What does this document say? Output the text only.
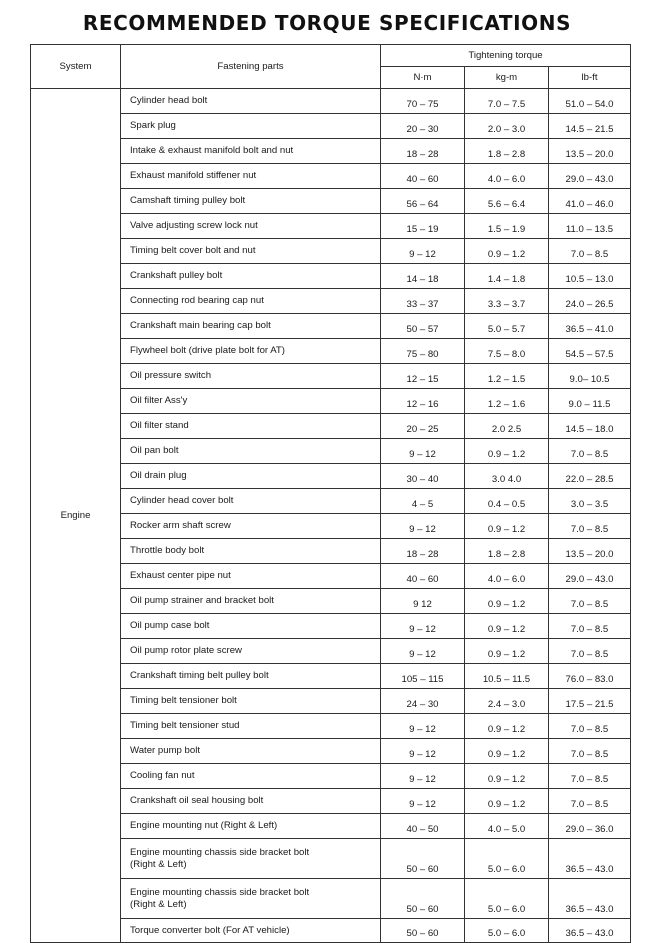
RECOMMENDED TORQUE SPECIFICATIONS
System	Fastening parts	Tightening torque		
		N·m	kg-m	lb-ft
Engine	Cylinder head bolt	70 – 75	7.0 – 7.5	51.0 – 54.0
	Spark plug	20 – 30	2.0 – 3.0	14.5 – 21.5
	Intake & exhaust manifold bolt and nut	18 – 28	1.8 – 2.8	13.5 – 20.0
	Exhaust manifold stiffener nut	40 – 60	4.0 – 6.0	29.0 – 43.0
	Camshaft timing pulley bolt	56 – 64	5.6 – 6.4	41.0 – 46.0
	Valve adjusting screw lock nut	15 – 19	1.5 – 1.9	11.0 – 13.5
	Timing belt cover bolt and nut	9 – 12	0.9 – 1.2	7.0 – 8.5
	Crankshaft pulley bolt	14 – 18	1.4 – 1.8	10.5 – 13.0
	Connecting rod bearing cap nut	33 – 37	3.3 – 3.7	24.0 – 26.5
	Crankshaft main bearing cap bolt	50 – 57	5.0 – 5.7	36.5 – 41.0
	Flywheel bolt (drive plate bolt for AT)	75 – 80	7.5 – 8.0	54.5 – 57.5
	Oil pressure switch	12 – 15	1.2 – 1.5	9.0– 10.5
	Oil filter Ass'y	12 – 16	1.2 – 1.6	9.0 – 11.5
	Oil filter stand	20 – 25	2.0 2.5	14.5 – 18.0
	Oil pan bolt	9 – 12	0.9 – 1.2	7.0 – 8.5
	Oil drain plug	30 – 40	3.0 4.0	22.0 – 28.5
	Cylinder head cover bolt	4 – 5	0.4 – 0.5	3.0 – 3.5
	Rocker arm shaft screw	9 – 12	0.9 – 1.2	7.0 – 8.5
	Throttle body bolt	18 – 28	1.8 – 2.8	13.5 – 20.0
	Exhaust center pipe nut	40 – 60	4.0 – 6.0	29.0 – 43.0
	Oil pump strainer and bracket bolt	9 12	0.9 – 1.2	7.0 – 8.5
	Oil pump case bolt	9 – 12	0.9 – 1.2	7.0 – 8.5
	Oil pump rotor plate screw	9 – 12	0.9 – 1.2	7.0 – 8.5
	Crankshaft timing belt pulley bolt	105 – 115	10.5 – 11.5	76.0 – 83.0
	Timing belt tensioner bolt	24 – 30	2.4 – 3.0	17.5 – 21.5
	Timing belt tensioner stud	9 – 12	0.9 – 1.2	7.0 – 8.5
	Water pump bolt	9 – 12	0.9 – 1.2	7.0 – 8.5
	Cooling fan nut	9 – 12	0.9 – 1.2	7.0 – 8.5
	Crankshaft oil seal housing bolt	9 – 12	0.9 – 1.2	7.0 – 8.5
	Engine mounting nut (Right & Left)	40 – 50	4.0 – 5.0	29.0 – 36.0
	Engine mounting chassis side bracket bolt
(Right & Left)	50 – 60	5.0 – 6.0	36.5 – 43.0
	Engine mounting chassis side bracket bolt
(Right & Left)	50 – 60	5.0 – 6.0	36.5 – 43.0
	Torque converter bolt (For AT vehicle)	50 – 60	5.0 – 6.0	36.5 – 43.0
